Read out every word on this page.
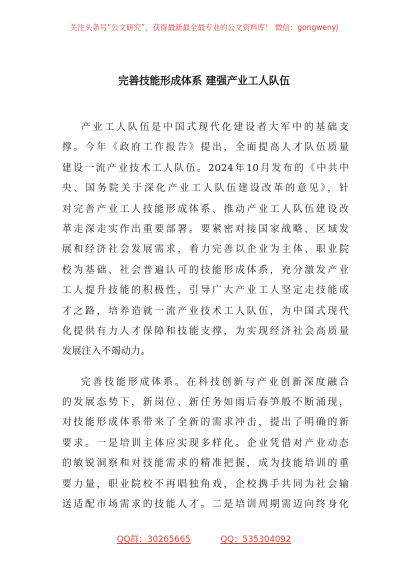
关注头条号“公文研究”，获得最新最全最专业的公文资料库！ 微信：gongwenyj
完善技能形成体系 建强产业工人队伍
产业工人队伍是中国式现代化建设者大军中的基础支
撑。今年《政府工作报告》提出，全面提高人才队伍质量
建设一流产业技术工人队伍。2024年10月发布的《中共中
央、国务院关于深化产业工人队伍建设改革的意见》，针
对完善产业工人技能形成体系、推动产业工人队伍建设改
革走深走实作出重要部署。要紧密对接国家战略、区域发
展和经济社会发展需求，着力完善以企业为主体、职业院
校为基础、社会普遍认可的技能形成体系，充分激发产业
工人提升技能的积极性，引导广大产业工人坚定走技能成
才之路，培养造就一流产业技术工人队伍，为中国式现代
化提供有力人才保障和技能支撑，为实现经济社会高质量
发展注入不竭动力。
完善技能形成体系。在科技创新与产业创新深度融合
的发展态势下，新岗位、新任务如雨后春笋般不断涌现，
对技能形成体系带来了全新的需求冲击，提出了明确的新
要求。一是培训主体应实现多样化。企业凭借对产业动态
的敏锐洞察和对技能需求的精准把握，成为技能培训的重
要力量，职业院校不再唱独角戏，企校携手共同为社会输
送适配市场需求的技能人才。二是培训周期需迈向终身化
QQ群：30265665	QQ：535304092
